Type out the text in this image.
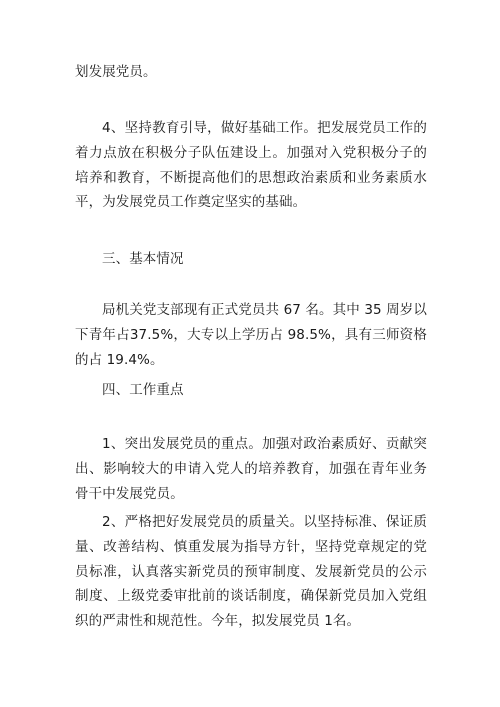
划发展党员。

4、坚持教育引导，做好基础工作。把发展党员工作的着力点放在积极分子队伍建设上。加强对入党积极分子的培养和教育，不断提高他们的思想政治素质和业务素质水平，为发展党员工作奠定坚实的基础。

三、基本情况

局机关党支部现有正式党员共 67 名。其中 35 周岁以下青年占37.5%，大专以上学历占 98.5%，具有三师资格的占 19.4%。

四、工作重点

1、突出发展党员的重点。加强对政治素质好、贡献突出、影响较大的申请入党人的培养教育，加强在青年业务骨干中发展党员。

2、严格把好发展党员的质量关。以坚持标准、保证质量、改善结构、慎重发展为指导方针，坚持党章规定的党员标准，认真落实新党员的预审制度、发展新党员的公示制度、上级党委审批前的谈话制度，确保新党员加入党组织的严肃性和规范性。今年，拟发展党员 1名。
